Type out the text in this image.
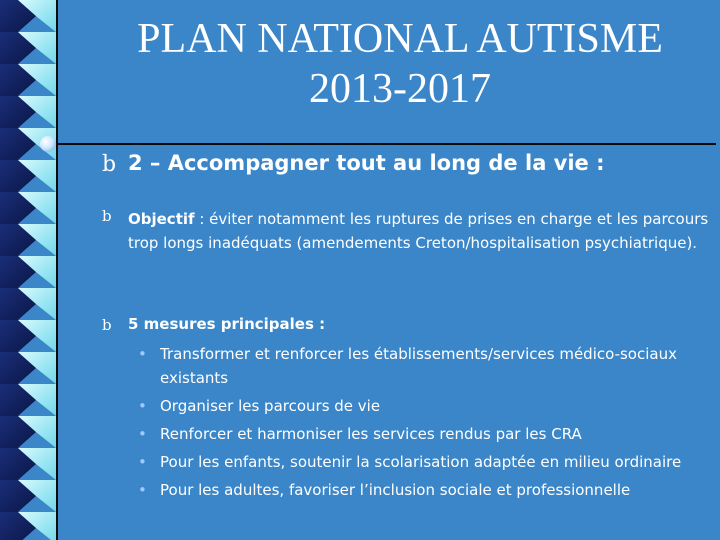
PLAN NATIONAL AUTISME
2013-2017
b 2 – Accompagner tout au long de la vie :
b Objectif : éviter notamment les ruptures de prises en charge et les parcours trop longs inadéquats (amendements Creton/hospitalisation psychiatrique).
b 5 mesures principales :
• Transformer et renforcer les établissements/services médico-sociaux existants
• Organiser les parcours de vie
• Renforcer et harmoniser les services rendus par les CRA
• Pour les enfants, soutenir la scolarisation adaptée en milieu ordinaire
• Pour les adultes, favoriser l’inclusion sociale et professionnelle
